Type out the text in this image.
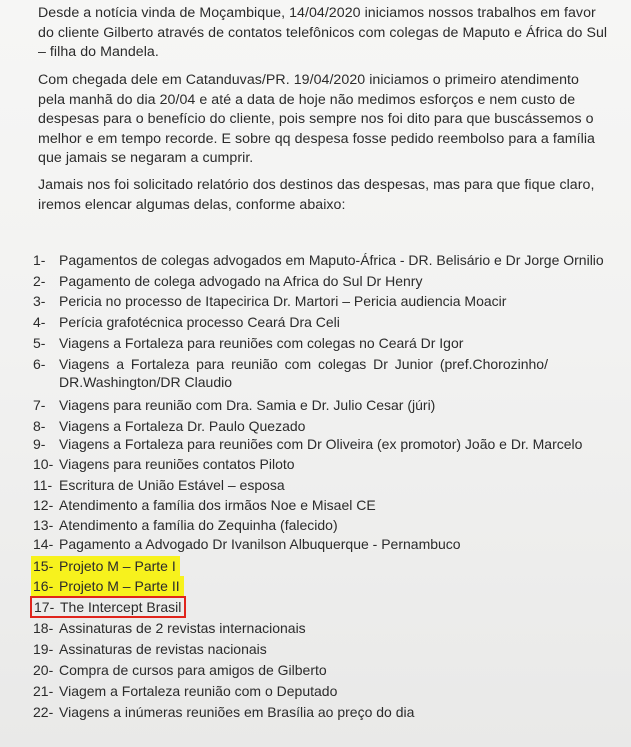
Desde a notícia vinda de Moçambique, 14/04/2020 iniciamos nossos trabalhos em favor do cliente Gilberto através de contatos telefônicos com colegas de Maputo e África do Sul – filha do Mandela.

Com chegada dele em Catanduvas/PR. 19/04/2020 iniciamos o primeiro atendimento pela manhã do dia 20/04 e até a data de hoje não medimos esforços e nem custo de despesas para o benefício do cliente, pois sempre nos foi dito para que buscássemos o melhor e em tempo recorde. E sobre qq despesa fosse pedido reembolso para a família que jamais se negaram a cumprir.

Jamais nos foi solicitado relatório dos destinos das despesas, mas para que fique claro, iremos elencar algumas delas, conforme abaixo:

1- Pagamentos de colegas advogados em Maputo-África - DR. Belisário e Dr Jorge Ornilio
2- Pagamento de colega advogado na Africa do Sul Dr Henry
3- Pericia no processo de Itapecirica Dr. Martori – Pericia audiencia Moacir
4- Perícia grafotécnica processo Ceará Dra Celi
5- Viagens a Fortaleza para reuniões com colegas no Ceará Dr Igor
6- Viagens a Fortaleza para reunião com colegas Dr Junior (pref.Chorozinho/
DR.Washington/DR Claudio
7- Viagens para reunião com Dra. Samia e Dr. Julio Cesar (júri)
8- Viagens a Fortaleza Dr. Paulo Quezado
9- Viagens a Fortaleza para reuniões com Dr Oliveira (ex promotor) João e Dr. Marcelo
10- Viagens para reuniões contatos Piloto
11- Escritura de União Estável – esposa
12- Atendimento a família dos irmãos Noe e Misael CE
13- Atendimento a família do Zequinha (falecido)
14- Pagamento a Advogado Dr Ivanilson Albuquerque - Pernambuco
15- Projeto M – Parte I
16- Projeto M – Parte II
17- The Intercept Brasil
18- Assinaturas de 2 revistas internacionais
19- Assinaturas de revistas nacionais
20- Compra de cursos para amigos de Gilberto
21- Viagem a Fortaleza reunião com o Deputado
22- Viagens a inúmeras reuniões em Brasília ao preço do dia
